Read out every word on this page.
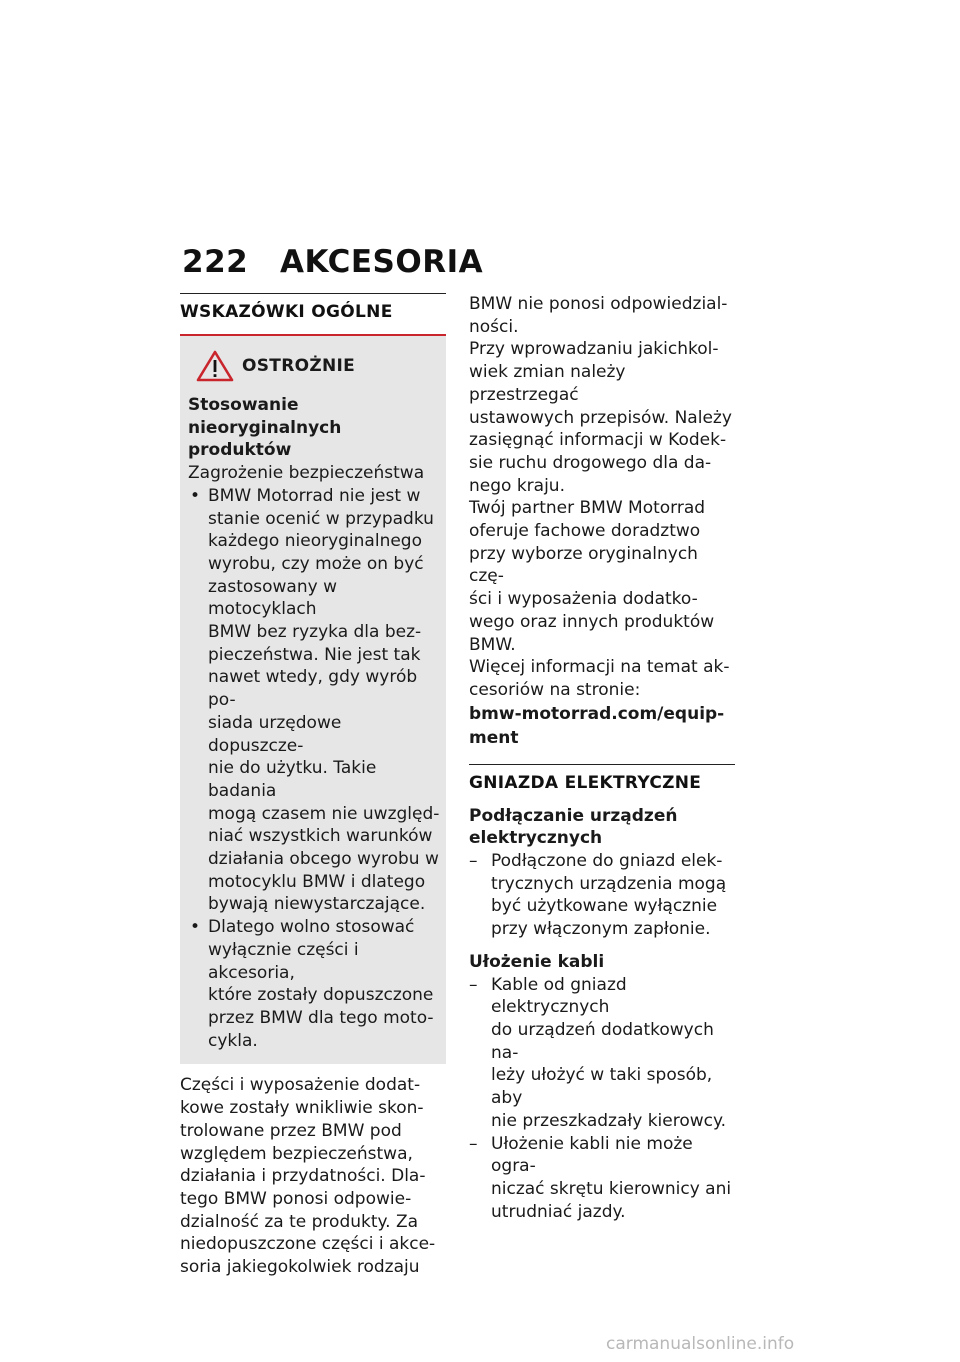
222 AKCESORIA
WSKAZÓWKI OGÓLNE
OSTROŻNIE
Stosowanie nieoryginalnych
produktów
Zagrożenie bezpieczeństwa
• BMW Motorrad nie jest w
stanie ocenić w przypadku
każdego nieoryginalnego
wyrobu, czy może on być
zastosowany w motocyklach
BMW bez ryzyka dla bez-
pieczeństwa. Nie jest tak
nawet wtedy, gdy wyrób po-
siada urzędowe dopuszcze-
nie do użytku. Takie badania
mogą czasem nie uwzględ-
niać wszystkich warunków
działania obcego wyrobu w
motocyklu BMW i dlatego
bywają niewystarczające.
• Dlatego wolno stosować
wyłącznie części i akcesoria,
które zostały dopuszczone
przez BMW dla tego moto-
cykla.
Części i wyposażenie dodat-
kowe zostały wnikliwie skon-
trolowane przez BMW pod
względem bezpieczeństwa,
działania i przydatności. Dla-
tego BMW ponosi odpowie-
dzialność za te produkty. Za
niedopuszczone części i akce-
soria jakiegokolwiek rodzaju
BMW nie ponosi odpowiedzial-
ności.
Przy wprowadzaniu jakichkol-
wiek zmian należy przestrzegać
ustawowych przepisów. Należy
zasięgnąć informacji w Kodek-
sie ruchu drogowego dla da-
nego kraju.
Twój partner BMW Motorrad
oferuje fachowe doradztwo
przy wyborze oryginalnych czę-
ści i wyposażenia dodatko-
wego oraz innych produktów
BMW.
Więcej informacji na temat ak-
cesoriów na stronie:
bmw-motorrad.com/equip-
ment
GNIAZDA ELEKTRYCZNE
Podłączanie urządzeń
elektrycznych
– Podłączone do gniazd elek-
trycznych urządzenia mogą
być użytkowane wyłącznie
przy włączonym zapłonie.
Ułożenie kabli
– Kable od gniazd elektrycznych
do urządzeń dodatkowych na-
leży ułożyć w taki sposób, aby
nie przeszkadzały kierowcy.
– Ułożenie kabli nie może ogra-
niczać skrętu kierownicy ani
utrudniać jazdy.
carmanualsonline.info
